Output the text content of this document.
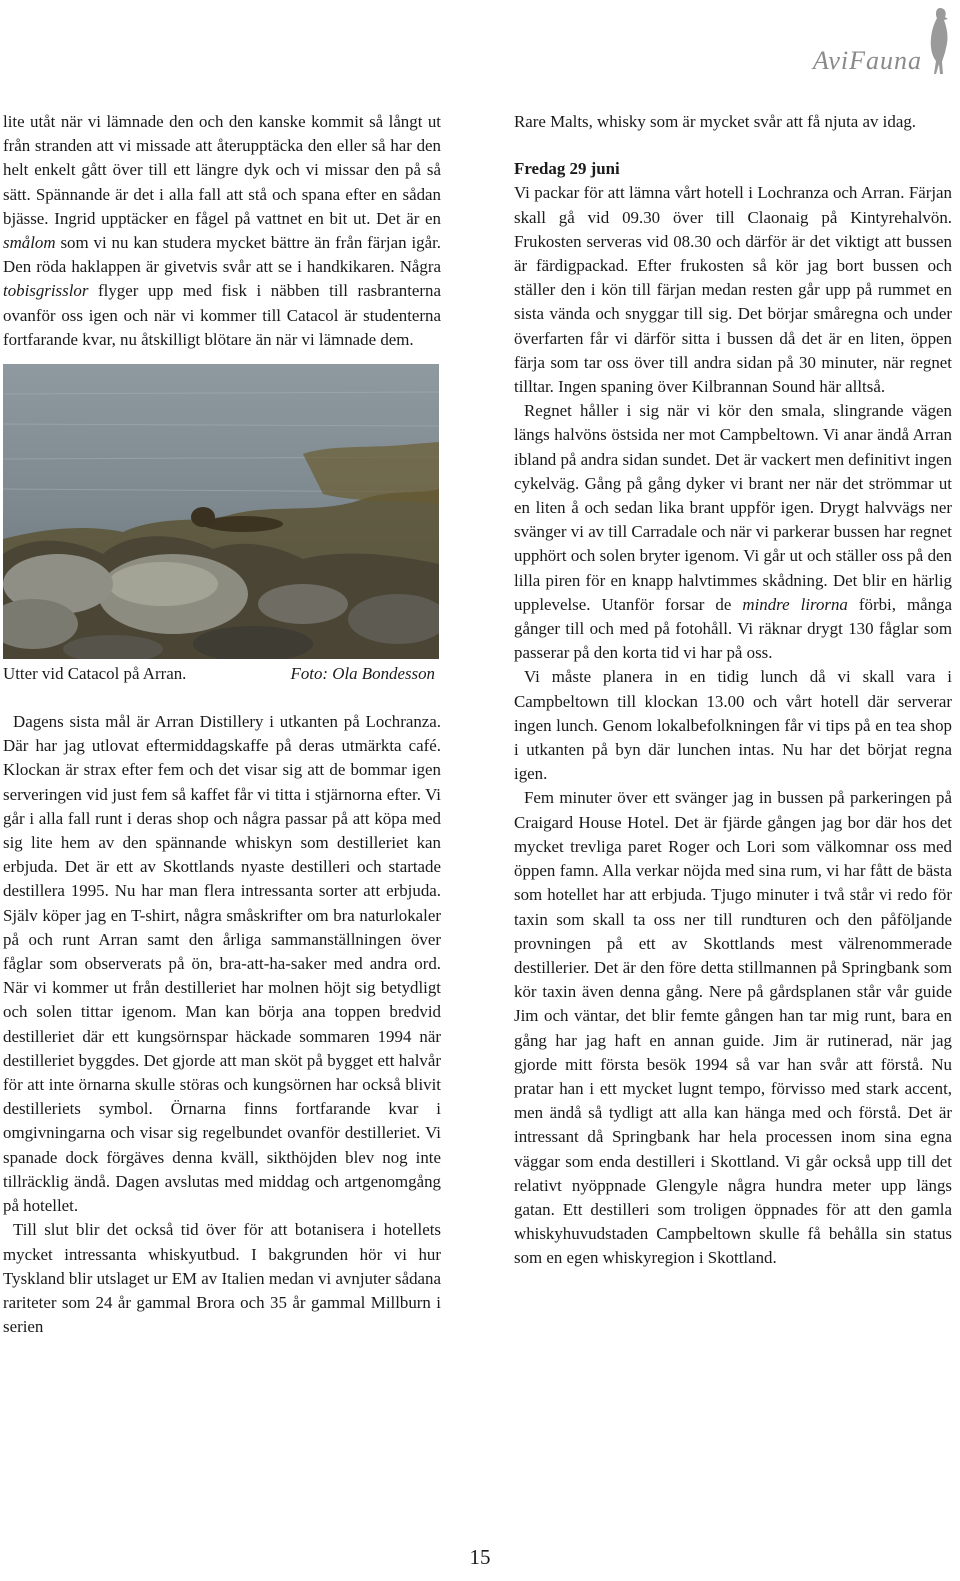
AviFauna

lite utåt när vi lämnade den och den kanske kommit så långt ut från stranden att vi missade att återupptäcka den eller så har den helt enkelt gått över till ett längre dyk och vi missar den på så sätt. Spännande är det i alla fall att stå och spana efter en sådan bjässe. Ingrid upptäcker en fågel på vattnet en bit ut. Det är en smålom som vi nu kan studera mycket bättre än från färjan igår. Den röda haklappen är givetvis svår att se i handkikaren. Några tobisgrisslor flyger upp med fisk i näbben till rasbranterna ovanför oss igen och när vi kommer till Catacol är studenterna fortfarande kvar, nu åtskilligt blötare än när vi lämnade dem.

Utter vid Catacol på Arran.	Foto: Ola Bondesson

Dagens sista mål är Arran Distillery i utkanten på Lochranza. Där har jag utlovat eftermiddagskaffe på deras utmärkta café. Klockan är strax efter fem och det visar sig att de bommar igen serveringen vid just fem så kaffet får vi titta i stjärnorna efter. Vi går i alla fall runt i deras shop och några passar på att köpa med sig lite hem av den spännande whiskyn som destilleriet kan erbjuda. Det är ett av Skottlands nyaste destilleri och startade destillera 1995. Nu har man flera intressanta sorter att erbjuda. Själv köper jag en T-shirt, några småskrifter om bra naturlokaler på och runt Arran samt den årliga sammanställningen över fåglar som observerats på ön, bra-att-ha-saker med andra ord. När vi kommer ut från destilleriet har molnen höjt sig betydligt och solen tittar igenom. Man kan börja ana toppen bredvid destilleriet där ett kungsörnspar häckade sommaren 1994 när destilleriet byggdes. Det gjorde att man sköt på bygget ett halvår för att inte örnarna skulle störas och kungsörnen har också blivit destilleriets symbol. Örnarna finns fortfarande kvar i omgivningarna och visar sig regelbundet ovanför destilleriet. Vi spanade dock förgäves denna kväll, sikthöjden blev nog inte tillräcklig ändå. Dagen avslutas med middag och artgenomgång på hotellet.

Till slut blir det också tid över för att botanisera i hotellets mycket intressanta whiskyutbud. I bakgrunden hör vi hur Tyskland blir utslaget ur EM av Italien medan vi avnjuter sådana rariteter som 24 år gammal Brora och 35 år gammal Millburn i serien

Rare Malts, whisky som är mycket svår att få njuta av idag.

Fredag 29 juni

Vi packar för att lämna vårt hotell i Lochranza och Arran. Färjan skall gå vid 09.30 över till Claonaig på Kintyrehalvön. Frukosten serveras vid 08.30 och därför är det viktigt att bussen är färdigpackad. Efter frukosten så kör jag bort bussen och ställer den i kön till färjan medan resten går upp på rummet en sista vända och snyggar till sig. Det börjar småregna och under överfarten får vi därför sitta i bussen då det är en liten, öppen färja som tar oss över till andra sidan på 30 minuter, när regnet tilltar. Ingen spaning över Kilbrannan Sound här alltså.

Regnet håller i sig när vi kör den smala, slingrande vägen längs halvöns östsida ner mot Campbeltown. Vi anar ändå Arran ibland på andra sidan sundet. Det är vackert men definitivt ingen cykelväg. Gång på gång dyker vi brant ner när det strömmar ut en liten å och sedan lika brant uppför igen. Drygt halvvägs ner svänger vi av till Carradale och när vi parkerar bussen har regnet upphört och solen bryter igenom. Vi går ut och ställer oss på den lilla piren för en knapp halvtimmes skådning. Det blir en härlig upplevelse. Utanför forsar de mindre lirorna förbi, många gånger till och med på fotohåll. Vi räknar drygt 130 fåglar som passerar på den korta tid vi har på oss.

Vi måste planera in en tidig lunch då vi skall vara i Campbeltown till klockan 13.00 och vårt hotell där serverar ingen lunch. Genom lokalbefolkningen får vi tips på en tea shop i utkanten på byn där lunchen intas. Nu har det börjat regna igen.

Fem minuter över ett svänger jag in bussen på parkeringen på Craigard House Hotel. Det är fjärde gången jag bor där hos det mycket trevliga paret Roger och Lori som välkomnar oss med öppen famn. Alla verkar nöjda med sina rum, vi har fått de bästa som hotellet har att erbjuda. Tjugo minuter i två står vi redo för taxin som skall ta oss ner till rundturen och den påföljande provningen på ett av Skottlands mest välrenommerade destillerier. Det är den före detta stillmannen på Springbank som kör taxin även denna gång. Nere på gårdsplanen står vår guide Jim och väntar, det blir femte gången han tar mig runt, bara en gång har jag haft en annan guide. Jim är rutinerad, när jag gjorde mitt första besök 1994 så var han svår att förstå. Nu pratar han i ett mycket lugnt tempo, förvisso med stark accent, men ändå så tydligt att alla kan hänga med och förstå. Det är intressant då Springbank har hela processen inom sina egna väggar som enda destilleri i Skottland. Vi går också upp till det relativt nyöppnade Glengyle några hundra meter upp längs gatan. Ett destilleri som troligen öppnades för att den gamla whiskyhuvudstaden Campbeltown skulle få behålla sin status som en egen whiskyregion i Skottland.

15
